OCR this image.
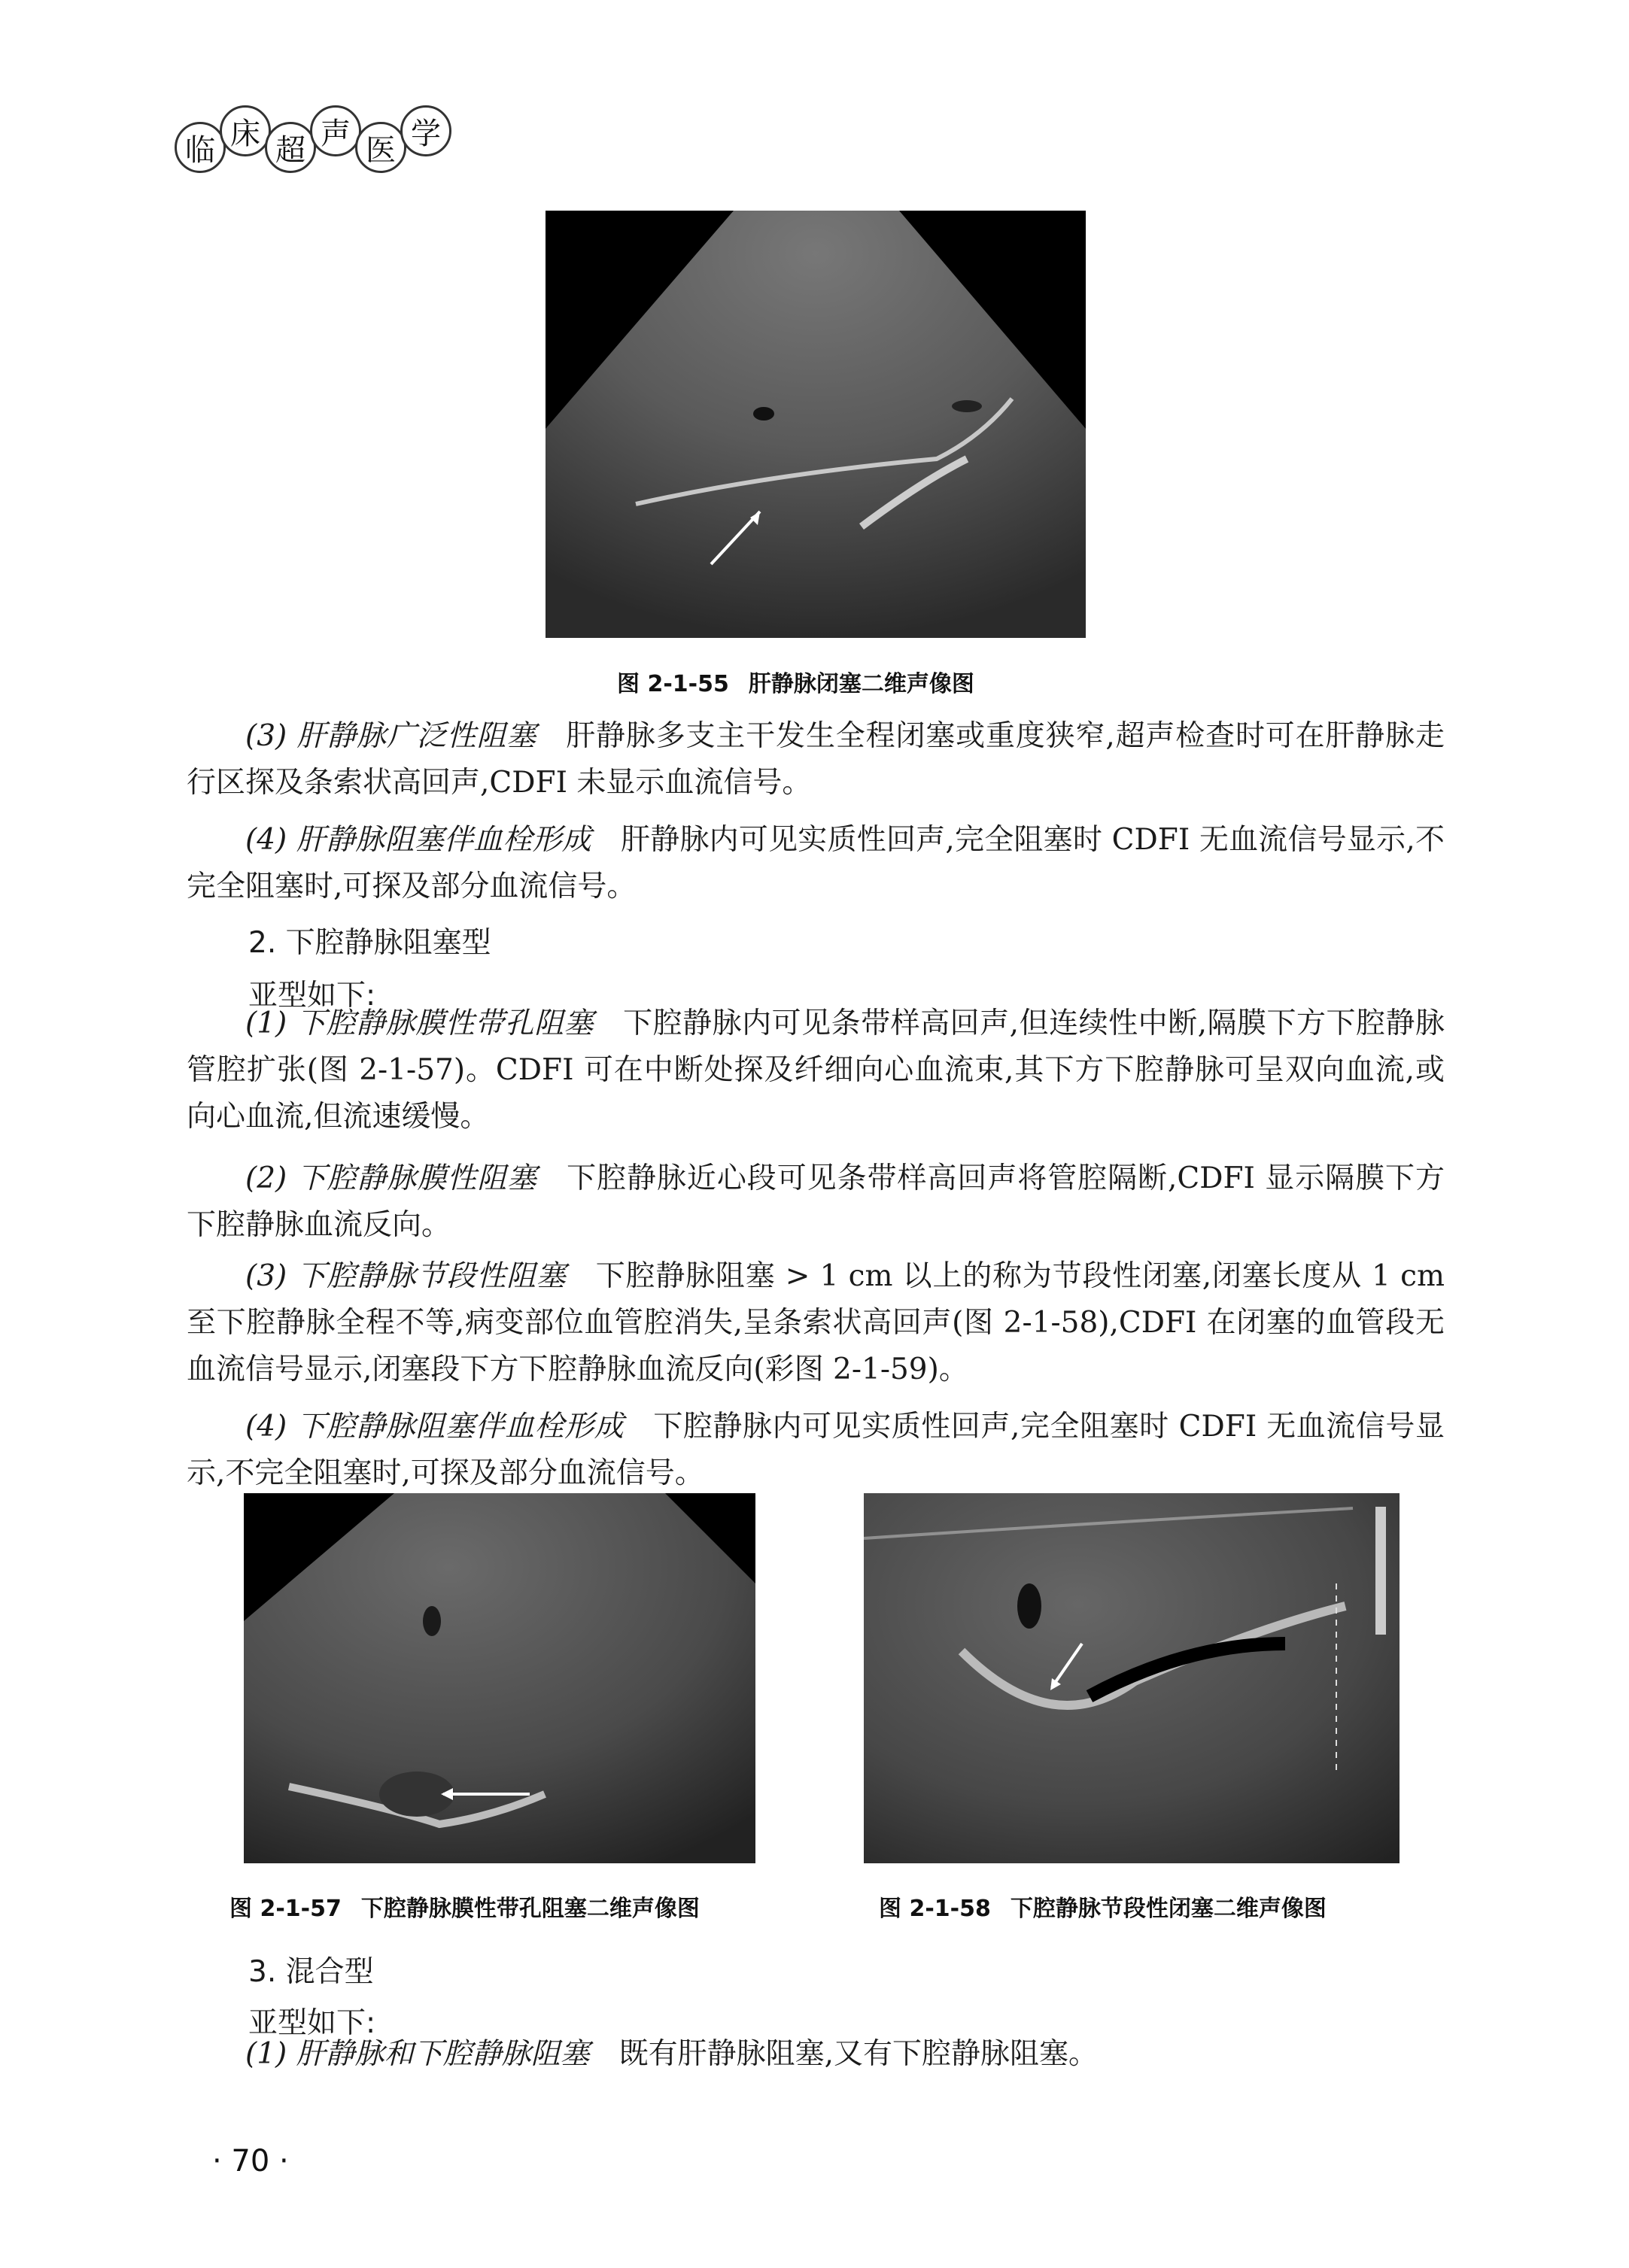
临 床 超 声 医 学
图 2-1-55 肝静脉闭塞二维声像图
(3) 肝静脉广泛性阻塞 肝静脉多支主干发生全程闭塞或重度狭窄,超声检查时可在肝静脉走行区探及条索状高回声,CDFI 未显示血流信号。
(4) 肝静脉阻塞伴血栓形成 肝静脉内可见实质性回声,完全阻塞时 CDFI 无血流信号显示,不完全阻塞时,可探及部分血流信号。
2. 下腔静脉阻塞型
亚型如下:
(1) 下腔静脉膜性带孔阻塞 下腔静脉内可见条带样高回声,但连续性中断,隔膜下方下腔静脉管腔扩张(图 2-1-57)。CDFI 可在中断处探及纤细向心血流束,其下方下腔静脉可呈双向血流,或向心血流,但流速缓慢。
(2) 下腔静脉膜性阻塞 下腔静脉近心段可见条带样高回声将管腔隔断,CDFI 显示隔膜下方下腔静脉血流反向。
(3) 下腔静脉节段性阻塞 下腔静脉阻塞 > 1 cm 以上的称为节段性闭塞,闭塞长度从 1 cm 至下腔静脉全程不等,病变部位血管腔消失,呈条索状高回声(图 2-1-58),CDFI 在闭塞的血管段无血流信号显示,闭塞段下方下腔静脉血流反向(彩图 2-1-59)。
(4) 下腔静脉阻塞伴血栓形成 下腔静脉内可见实质性回声,完全阻塞时 CDFI 无血流信号显示,不完全阻塞时,可探及部分血流信号。
图 2-1-57 下腔静脉膜性带孔阻塞二维声像图	图 2-1-58 下腔静脉节段性闭塞二维声像图
3. 混合型
亚型如下:
(1) 肝静脉和下腔静脉阻塞 既有肝静脉阻塞,又有下腔静脉阻塞。
· 70 ·
